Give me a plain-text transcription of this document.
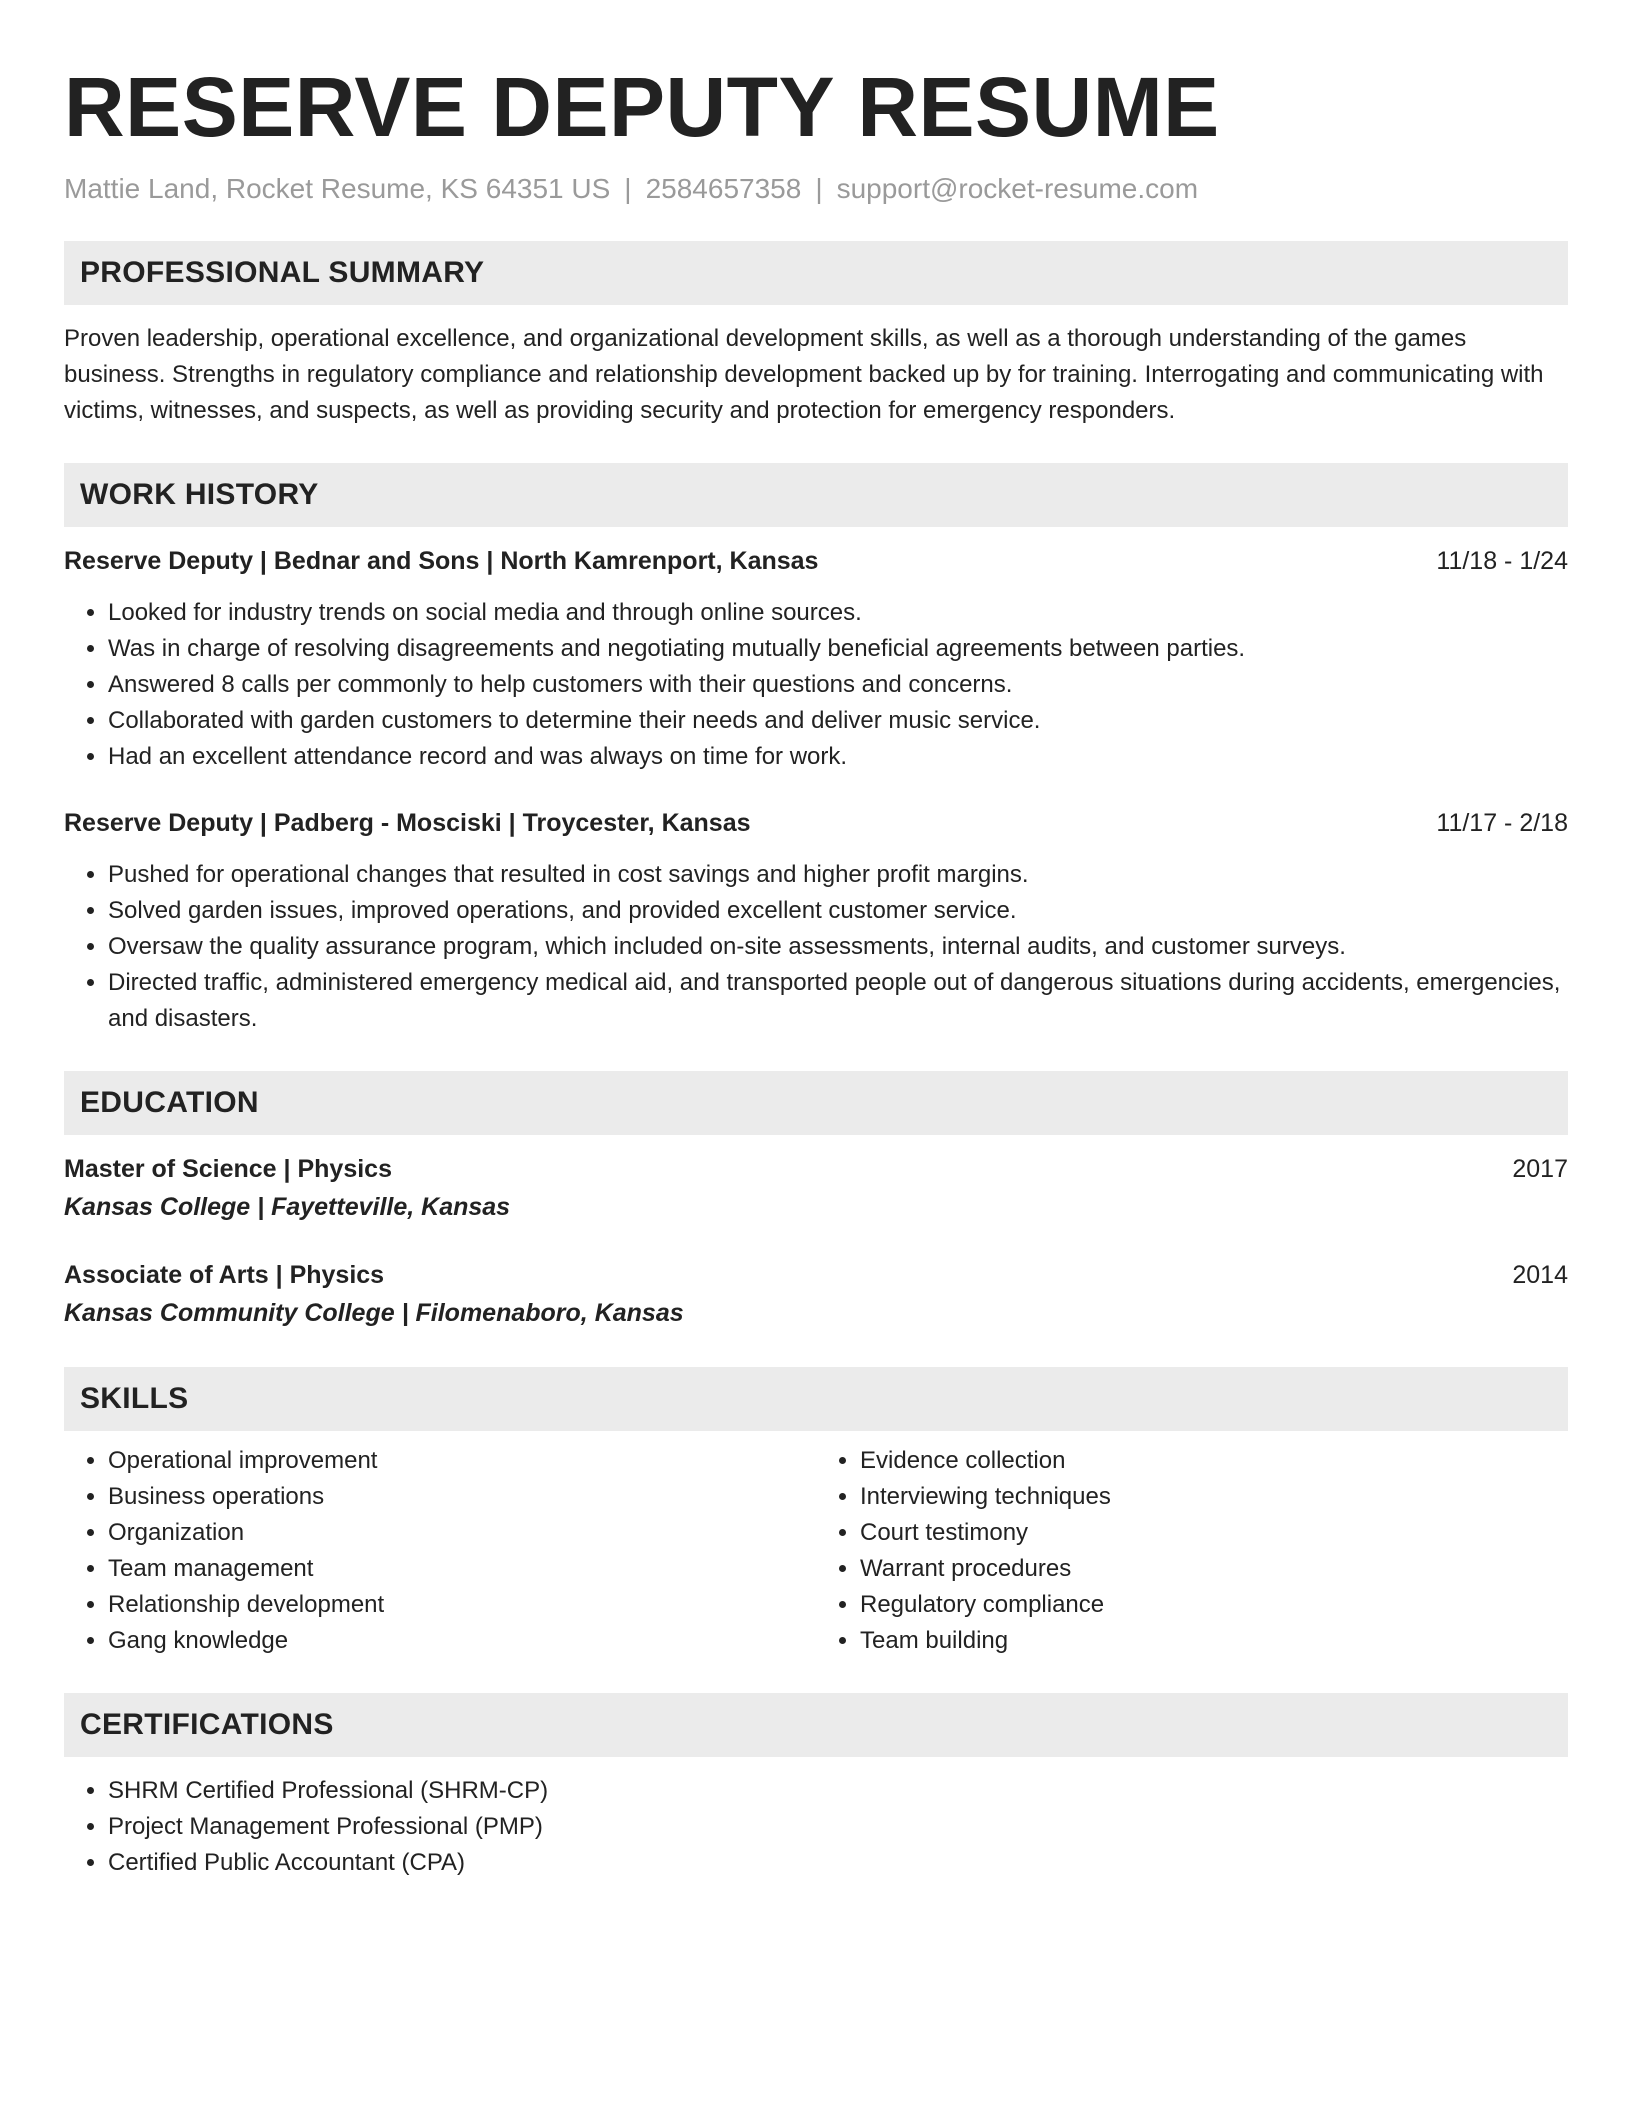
RESERVE DEPUTY RESUME
Mattie Land, Rocket Resume, KS 64351 US | 2584657358 | support@rocket-resume.com
PROFESSIONAL SUMMARY

Proven leadership, operational excellence, and organizational development skills, as well as a thorough understanding of the games business. Strengths in regulatory compliance and relationship development backed up by for training. Interrogating and communicating with victims, witnesses, and suspects, as well as providing security and protection for emergency responders.

WORK HISTORY
Reserve Deputy | Bednar and Sons | North Kamrenport, Kansas	11/18 - 1/24
• Looked for industry trends on social media and through online sources.
• Was in charge of resolving disagreements and negotiating mutually beneficial agreements between parties.
• Answered 8 calls per commonly to help customers with their questions and concerns.
• Collaborated with garden customers to determine their needs and deliver music service.
• Had an excellent attendance record and was always on time for work.
Reserve Deputy | Padberg - Mosciski | Troycester, Kansas	11/17 - 2/18
• Pushed for operational changes that resulted in cost savings and higher profit margins.
• Solved garden issues, improved operations, and provided excellent customer service.
• Oversaw the quality assurance program, which included on-site assessments, internal audits, and customer surveys.
• Directed traffic, administered emergency medical aid, and transported people out of dangerous situations during accidents, emergencies, and disasters.
EDUCATION
Master of Science | Physics	2017
Kansas College | Fayetteville, Kansas
Associate of Arts | Physics	2014
Kansas Community College | Filomenaboro, Kansas
SKILLS
• Operational improvement
• Business operations
• Organization
• Team management
• Relationship development
• Gang knowledge
• Evidence collection
• Interviewing techniques
• Court testimony
• Warrant procedures
• Regulatory compliance
• Team building
CERTIFICATIONS
• SHRM Certified Professional (SHRM-CP)
• Project Management Professional (PMP)
• Certified Public Accountant (CPA)
